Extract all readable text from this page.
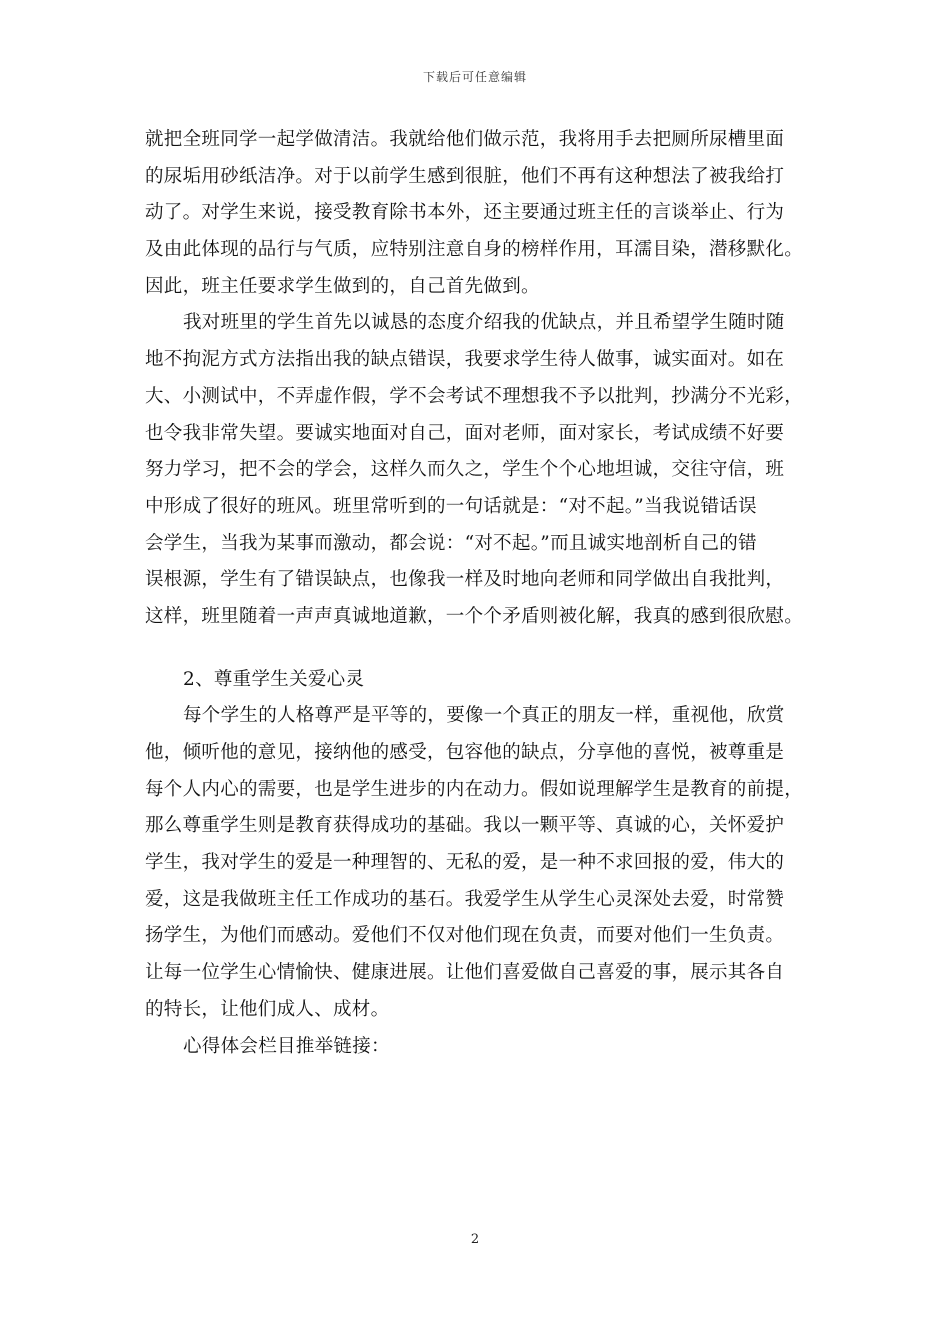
下载后可任意编辑
就把全班同学一起学做清洁。我就给他们做示范，我将用手去把厕所尿槽里面
的尿垢用砂纸洁净。对于以前学生感到很脏，他们不再有这种想法了被我给打
动了。对学生来说，接受教育除书本外，还主要通过班主任的言谈举止、行为
及由此体现的品行与气质，应特别注意自身的榜样作用，耳濡目染，潜移默化。
因此，班主任要求学生做到的，自己首先做到。
我对班里的学生首先以诚恳的态度介绍我的优缺点，并且希望学生随时随
地不拘泥方式方法指出我的缺点错误，我要求学生待人做事，诚实面对。如在
大、小测试中，不弄虚作假，学不会考试不理想我不予以批判，抄满分不光彩，
也令我非常失望。要诚实地面对自己，面对老师，面对家长，考试成绩不好要
努力学习，把不会的学会，这样久而久之，学生个个心地坦诚，交往守信，班
中形成了很好的班风。班里常听到的一句话就是：“对不起。”当我说错话误
会学生，当我为某事而激动，都会说：“对不起。”而且诚实地剖析自己的错
误根源，学生有了错误缺点，也像我一样及时地向老师和同学做出自我批判，
这样，班里随着一声声真诚地道歉，一个个矛盾则被化解，我真的感到很欣慰。
2、尊重学生关爱心灵
每个学生的人格尊严是平等的，要像一个真正的朋友一样，重视他，欣赏
他，倾听他的意见，接纳他的感受，包容他的缺点，分享他的喜悦，被尊重是
每个人内心的需要，也是学生进步的内在动力。假如说理解学生是教育的前提，
那么尊重学生则是教育获得成功的基础。我以一颗平等、真诚的心，关怀爱护
学生，我对学生的爱是一种理智的、无私的爱，是一种不求回报的爱，伟大的
爱，这是我做班主任工作成功的基石。我爱学生从学生心灵深处去爱，时常赞
扬学生，为他们而感动。爱他们不仅对他们现在负责，而要对他们一生负责。
让每一位学生心情愉快、健康进展。让他们喜爱做自己喜爱的事，展示其各自
的特长，让他们成人、成材。
心得体会栏目推举链接：
2
